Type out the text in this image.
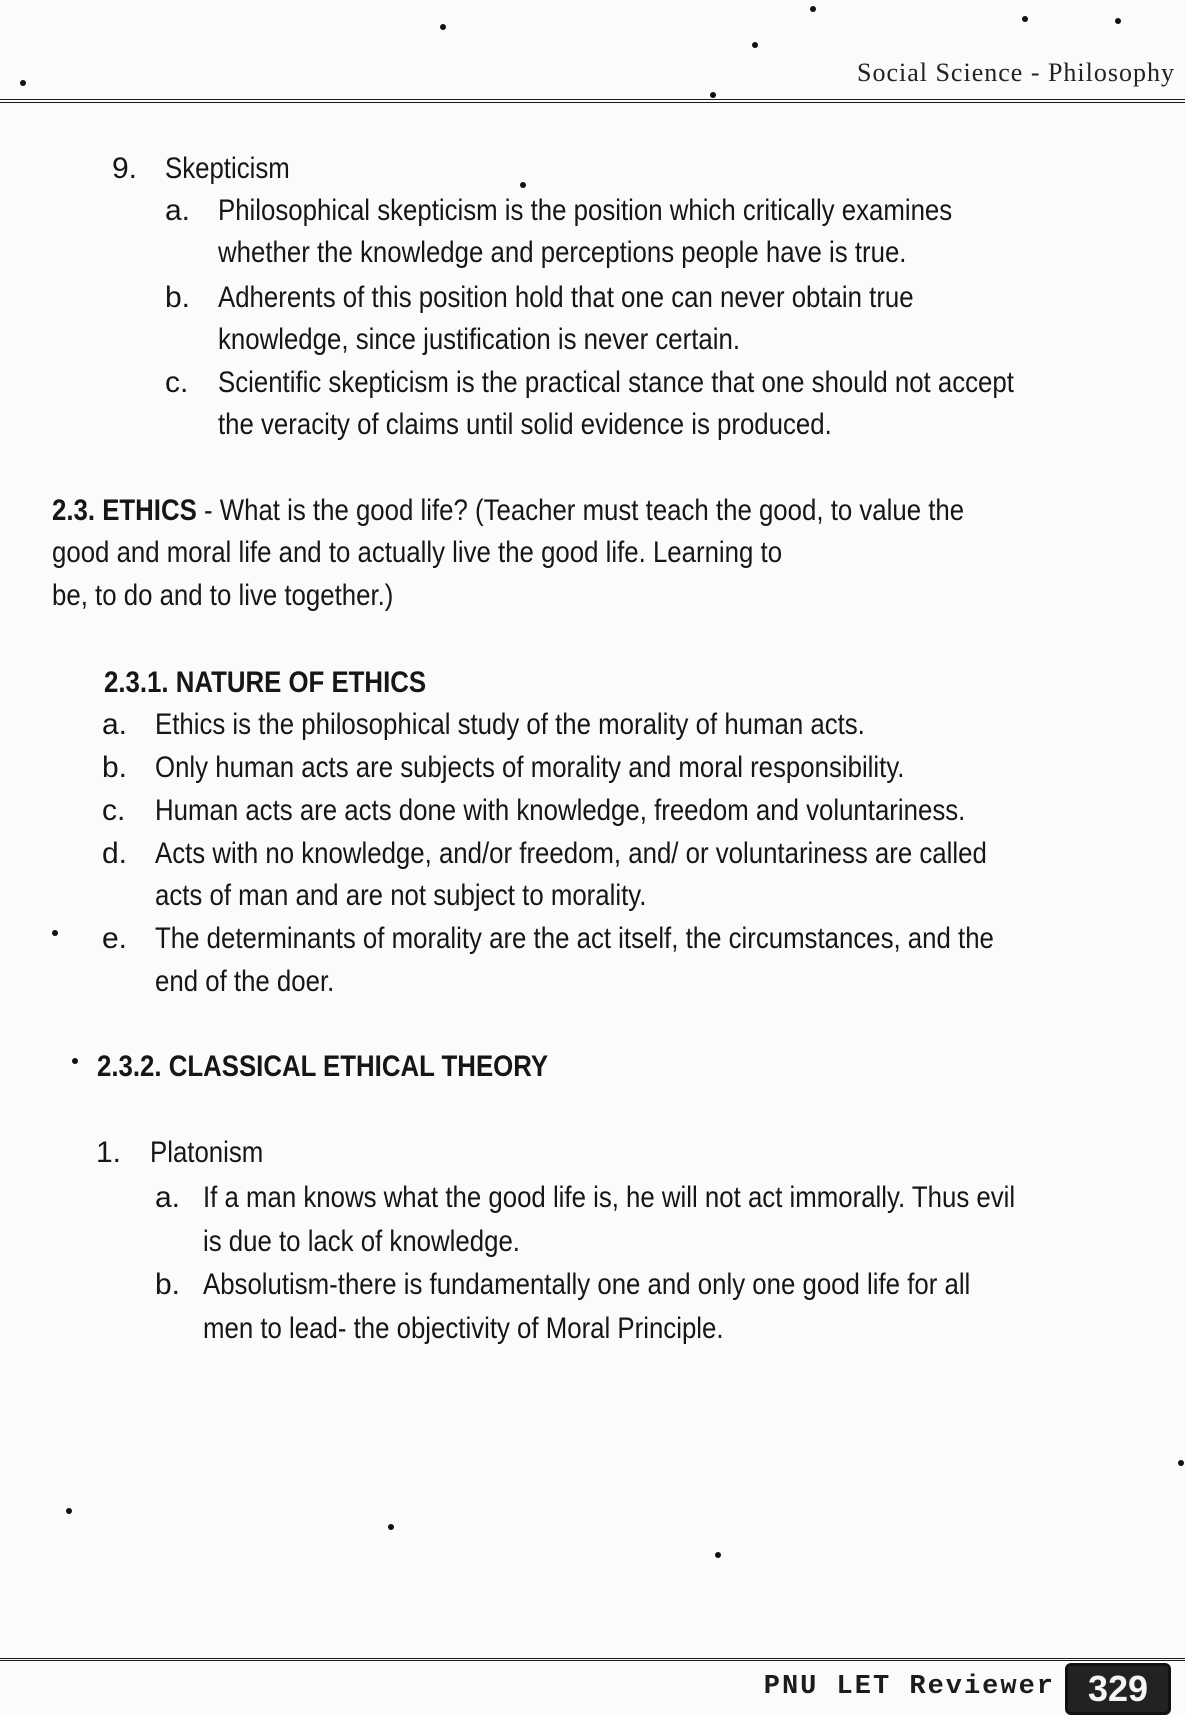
Social Science - Philosophy
9. Skepticism
a. Philosophical skepticism is the position which critically examines
whether the knowledge and perceptions people have is true.
b. Adherents of this position hold that one can never obtain true
knowledge, since justification is never certain.
c. Scientific skepticism is the practical stance that one should not accept
the veracity of claims until solid evidence is produced.
2.3. ETHICS - What is the good life? (Teacher must teach the good, to value the
good and moral life and to actually live the good life. Learning to
be, to do and to live together.)
2.3.1. NATURE OF ETHICS
a. Ethics is the philosophical study of the morality of human acts.
b. Only human acts are subjects of morality and moral responsibility.
c. Human acts are acts done with knowledge, freedom and voluntariness.
d. Acts with no knowledge, and/or freedom, and/ or voluntariness are called
acts of man and are not subject to morality.
e. The determinants of morality are the act itself, the circumstances, and the
end of the doer.
2.3.2. CLASSICAL ETHICAL THEORY
1. Platonism
a. If a man knows what the good life is, he will not act immorally. Thus evil
is due to lack of knowledge.
b. Absolutism-there is fundamentally one and only one good life for all
men to lead- the objectivity of Moral Principle.
PNU LET Reviewer 329
